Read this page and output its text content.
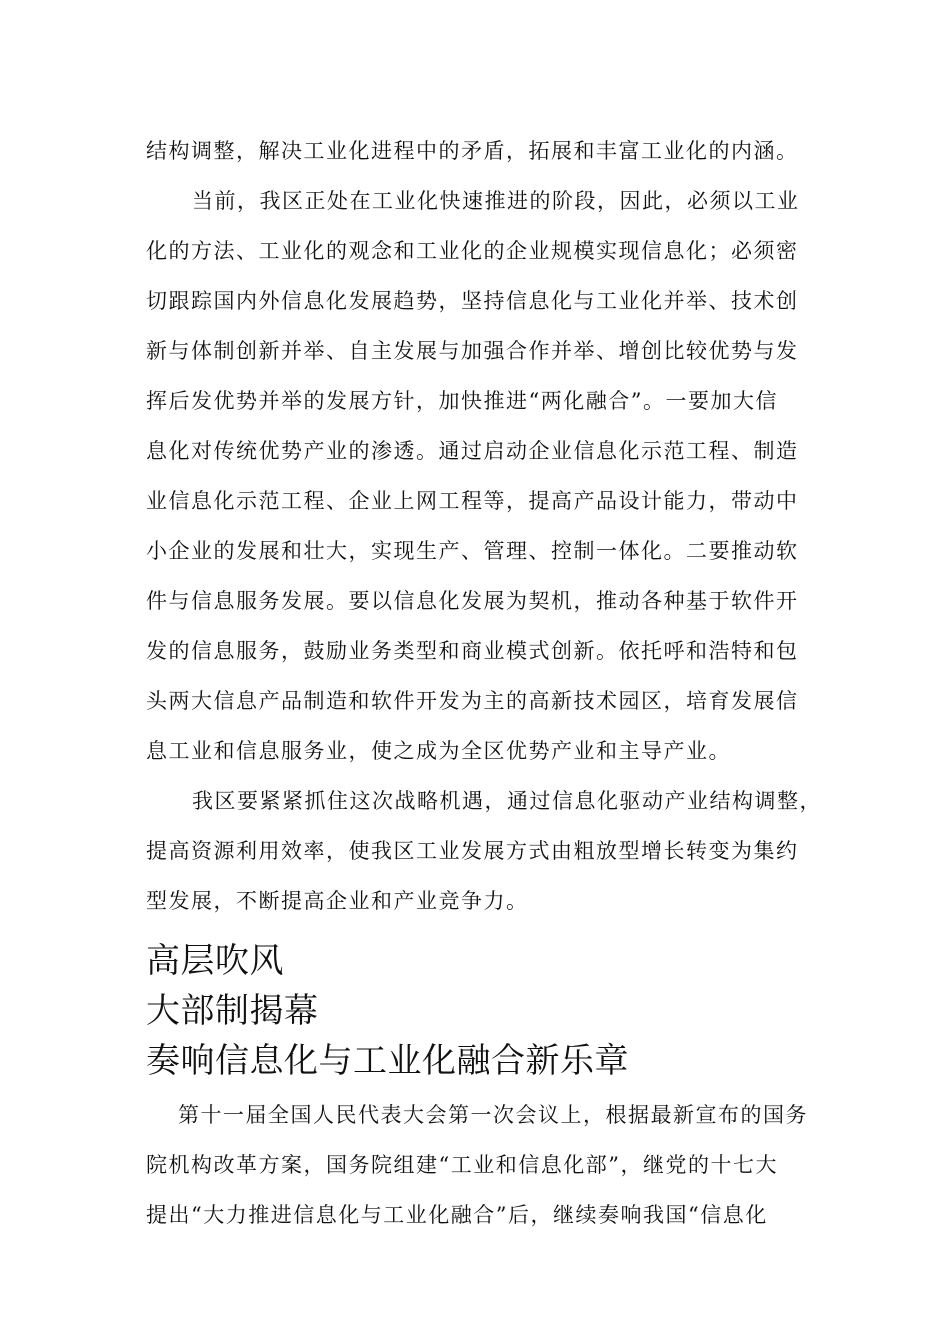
结构调整，解决工业化进程中的矛盾，拓展和丰富工业化的内涵。

当前，我区正处在工业化快速推进的阶段，因此，必须以工业
化的方法、工业化的观念和工业化的企业规模实现信息化；必须密
切跟踪国内外信息化发展趋势，坚持信息化与工业化并举、技术创
新与体制创新并举、自主发展与加强合作并举、增创比较优势与发
挥后发优势并举的发展方针，加快推进“两化融合”。一要加大信
息化对传统优势产业的渗透。通过启动企业信息化示范工程、制造
业信息化示范工程、企业上网工程等，提高产品设计能力，带动中
小企业的发展和壮大，实现生产、管理、控制一体化。二要推动软
件与信息服务发展。要以信息化发展为契机，推动各种基于软件开
发的信息服务，鼓励业务类型和商业模式创新。依托呼和浩特和包
头两大信息产品制造和软件开发为主的高新技术园区，培育发展信
息工业和信息服务业，使之成为全区优势产业和主导产业。

我区要紧紧抓住这次战略机遇，通过信息化驱动产业结构调整，
提高资源利用效率，使我区工业发展方式由粗放型增长转变为集约
型发展，不断提高企业和产业竞争力。

高层吹风
大部制揭幕
奏响信息化与工业化融合新乐章

第十一届全国人民代表大会第一次会议上，根据最新宣布的国务
院机构改革方案，国务院组建“工业和信息化部”，继党的十七大
提出“大力推进信息化与工业化融合”后，继续奏响我国“信息化
